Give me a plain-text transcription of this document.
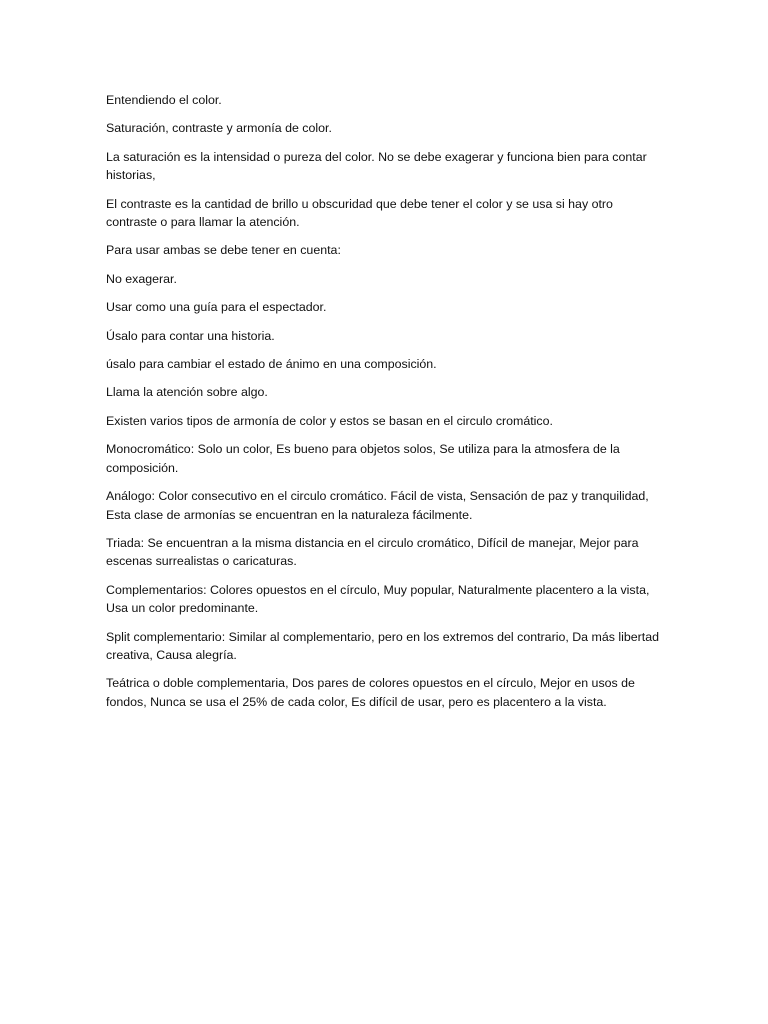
Entendiendo el color.

Saturación, contraste y armonía de color.

La saturación es la intensidad o pureza del color. No se debe exagerar y funciona bien para contar historias,

El contraste es la cantidad de brillo u obscuridad que debe tener el color y se usa si hay otro contraste o para llamar la atención.

Para usar ambas se debe tener en cuenta:

No exagerar.

Usar como una guía para el espectador.

Úsalo para contar una historia.

úsalo para cambiar el estado de ánimo en una composición.

Llama la atención sobre algo.

Existen varios tipos de armonía de color y estos se basan en el circulo cromático.

Monocromático: Solo un color, Es bueno para objetos solos, Se utiliza para la atmosfera de la composición.

Análogo: Color consecutivo en el circulo cromático. Fácil de vista, Sensación de paz y tranquilidad, Esta clase de armonías se encuentran en la naturaleza fácilmente.

Triada: Se encuentran a la misma distancia en el circulo cromático, Difícil de manejar, Mejor para escenas surrealistas o caricaturas.

Complementarios: Colores opuestos en el círculo, Muy popular, Naturalmente placentero a la vista, Usa un color predominante.

Split complementario: Similar al complementario, pero en los extremos del contrario, Da más libertad creativa, Causa alegría.

Teátrica o doble complementaria, Dos pares de colores opuestos en el círculo, Mejor en usos de fondos, Nunca se usa el 25% de cada color, Es difícil de usar, pero es placentero a la vista.
